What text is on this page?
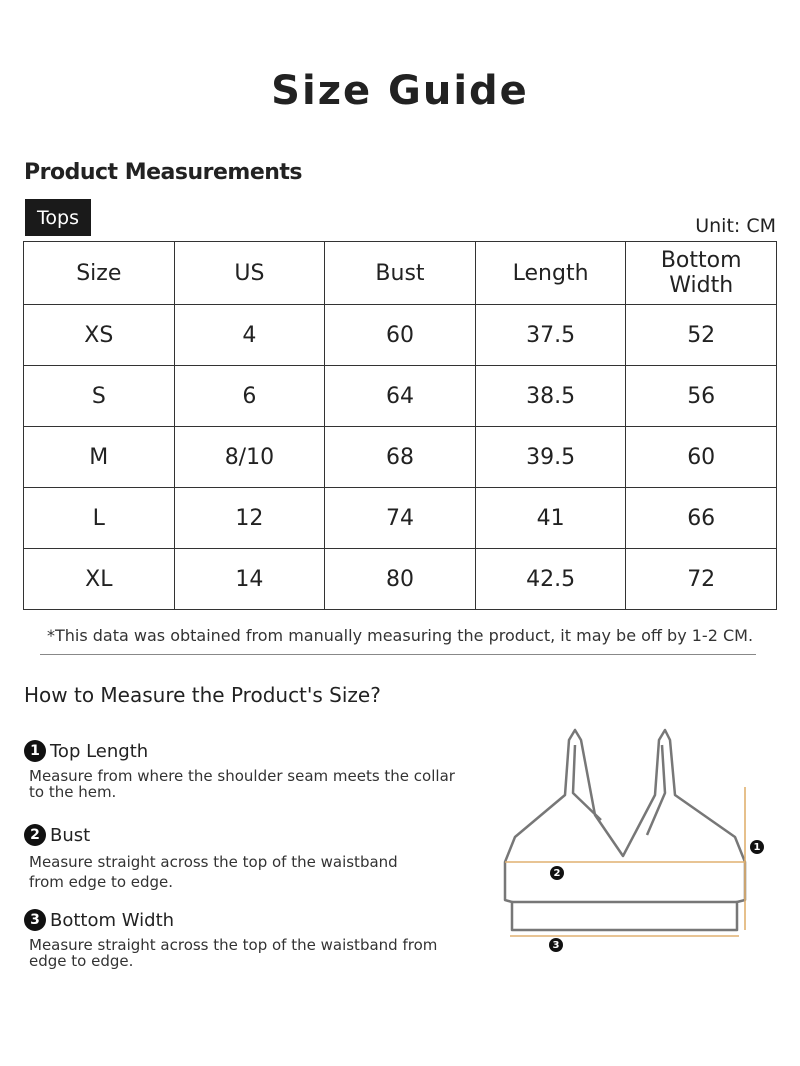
Size Guide
Product Measurements
Tops	Unit: CM
Size	US	Bust	Length	Bottom Width
XS	4	60	37.5	52
S	6	64	38.5	56
M	8/10	68	39.5	60
L	12	74	41	66
XL	14	80	42.5	72
*This data was obtained from manually measuring the product, it may be off by 1-2 CM.
How to Measure the Product's Size?
1 Top Length
Measure from where the shoulder seam meets the collar
to the hem.
2 Bust
Measure straight across the top of the waistband
from edge to edge.
3 Bottom Width
Measure straight across the top of the waistband from
edge to edge.
1
2
3
